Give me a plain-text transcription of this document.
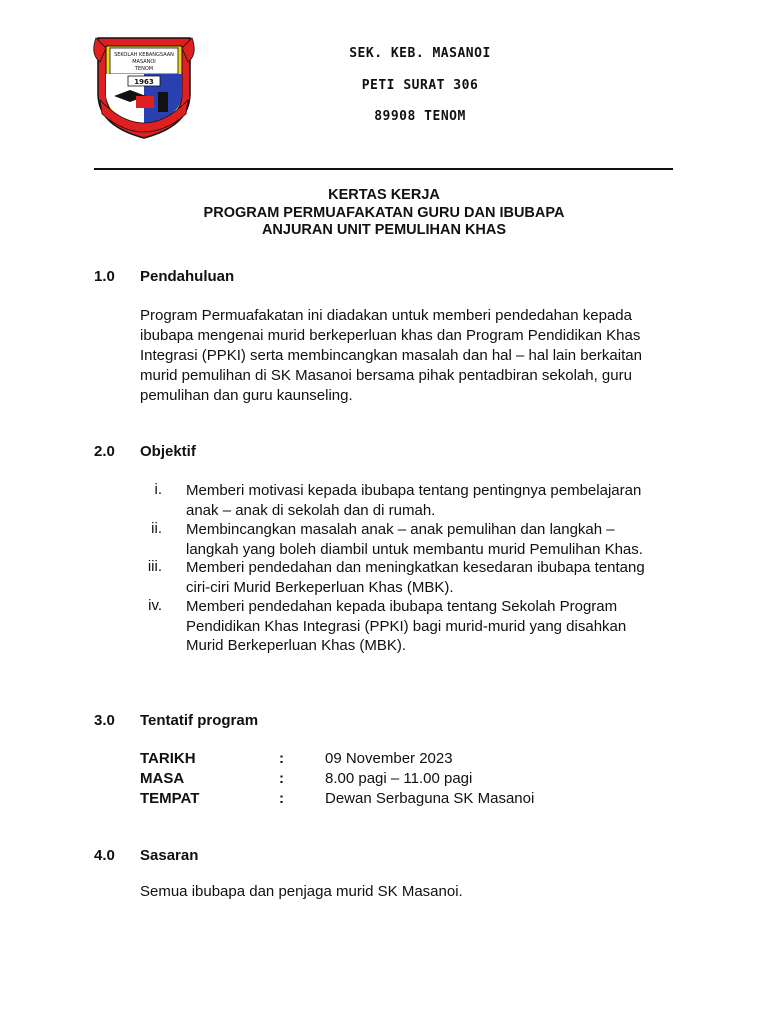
SEKOLAH KEBANGSAAN
MASANOI
TENOM
1963
SEK. KEB. MASANOI
PETI SURAT 306
89908 TENOM
KERTAS KERJA
PROGRAM PERMUAFAKATAN GURU DAN IBUBAPA
ANJURAN UNIT PEMULIHAN KHAS
1.0 Pendahuluan
Program Permuafakatan ini diadakan untuk memberi pendedahan kepada
ibubapa mengenai murid berkeperluan khas dan Program Pendidikan Khas
Integrasi (PPKI) serta membincangkan masalah dan hal – hal lain berkaitan
murid pemulihan di SK Masanoi bersama pihak pentadbiran sekolah, guru
pemulihan dan guru kaunseling.
2.0 Objektif
i. Memberi motivasi kepada ibubapa tentang pentingnya pembelajaran
anak – anak di sekolah dan di rumah.
ii. Membincangkan masalah anak – anak pemulihan dan langkah –
langkah yang boleh diambil untuk membantu murid Pemulihan Khas.
iii. Memberi pendedahan dan meningkatkan kesedaran ibubapa tentang
ciri-ciri Murid Berkeperluan Khas (MBK).
iv. Memberi pendedahan kepada ibubapa tentang Sekolah Program
Pendidikan Khas Integrasi (PPKI) bagi murid-murid yang disahkan
Murid Berkeperluan Khas (MBK).
3.0 Tentatif program
TARIKH	:	09 November 2023
MASA	:	8.00 pagi – 11.00 pagi
TEMPAT	:	Dewan Serbaguna SK Masanoi
4.0 Sasaran
Semua ibubapa dan penjaga murid SK Masanoi.
